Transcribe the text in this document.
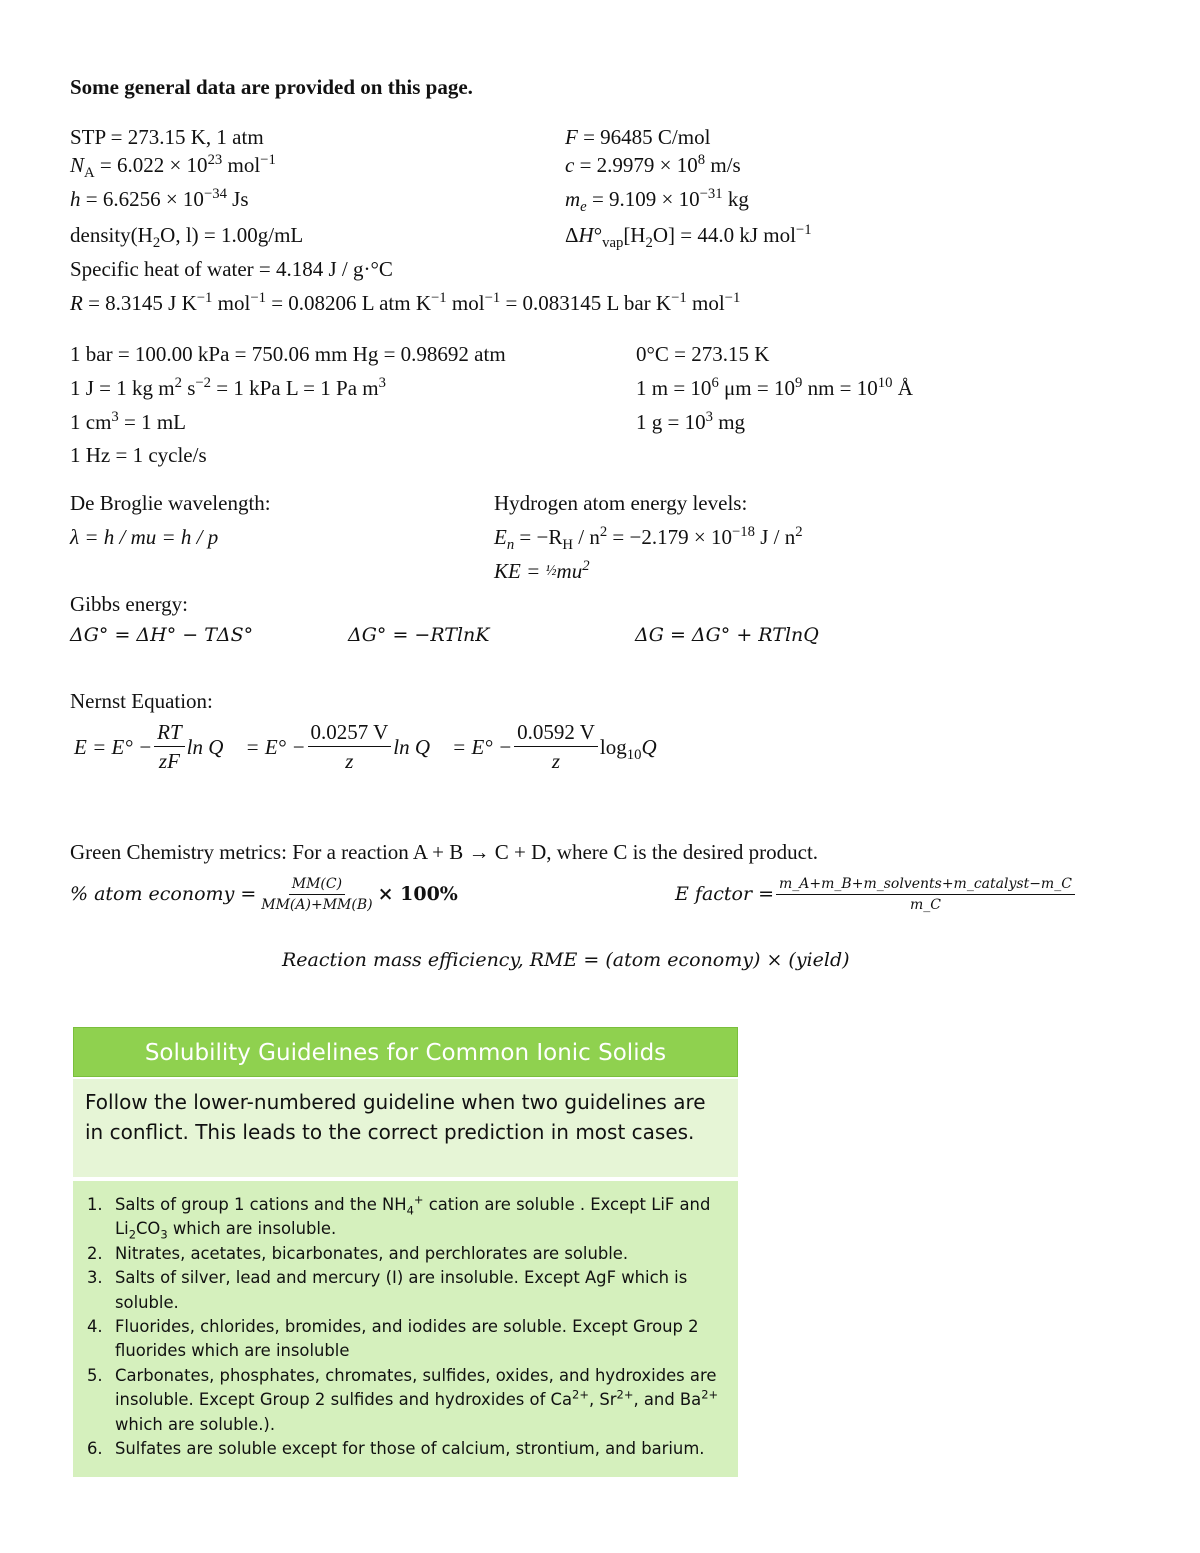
Some general data are provided on this page.
STP = 273.15 K, 1 atm	F = 96485 C/mol
$N_A = 6.022 \times 10^{23}$ mol$^{-1}$	$c = 2.9979 \times 10^8$ m/s
$h = 6.6256 \times 10^{-34}$ Js	$m_e = 9.109 \times 10^{-31}$ kg
$density(H_2O$, l) = 1.00g/mL	$\Delta H^\circ_{vap}[H_2O] = 44.0$ kJ mol$^{-1}$
Specific heat of water = 4.184 J / g·°C
R = 8.3145 J $K^{-1}$ mol$^{-1}$ = 0.08206 L atm $K^{-1}$ mol$^{-1}$ = 0.083145 L bar $K^{-1}$ mol$^{-1}$
1 bar = 100.00 kPa = 750.06 mm Hg = 0.98692 atm	0°C = 273.15 K
1 J = 1 kg $m^2$ $s^{-2} = 1$ kPa L = 1 Pa $m^3$	1 $m = 10^6$ $\mu m = 10^9$ nm = $10^{10}$ Å
1 $cm^3 = 1$ mL	1 $g = 10^3$ mg
1 Hz = 1 cycle/s
De Broglie wavelength:
λ = h / mu = h / p
Hydrogen atom energy levels:
$E_n = -R_H / n^2 = -2.179 \times 10^{-18}$ J / $n^2$
KE = $\frac{1}{2}mu^2$
Gibbs energy:
ΔG° = ΔH° − TΔS°	ΔG° = −RTlnK	ΔG = ΔG° + RTlnQ
Nernst Equation:
$E = E^\circ - \frac{RT}{zF}$ $\ln Q = E^\circ - \frac{0.0257 V}{z}$ $\ln Q = E^\circ - \frac{0.0592 V}{z} \log_{10}Q$
Green Chemistry metrics: For a reaction A + B → C + D, where C is the desired product.
% atom economy = $\frac{MM(C)}{MM(A)+MM(B)} \times 100\%$	E factor = $\frac{\text{m\_A+m\_B+m\_solvents+m\_catalyst−m\_C}}{m\_C}$
Reaction mass efficiency, RME = (atom economy) × (yield)
Solubility Guidelines for Common Ionic Solids
Follow the lower-numbered guideline when two guidelines are in conflict. This leads to the correct prediction in most cases.
1. Salts of group 1 cations and the $NH_4^+$ cation are soluble . Except LiF and $Li_2CO_3$ which are insoluble.
2. Nitrates, acetates, bicarbonates, and perchlorates are soluble.
3. Salts of silver, lead and mercury (I) are insoluble. Except AgF which is soluble.
4. Fluorides, chlorides, bromides, and iodides are soluble. Except Group 2 fluorides which are insoluble
5. Carbonates, phosphates, chromates, sulfides, oxides, and hydroxides are insoluble. Except Group 2 sulfides and hydroxides of $Ca^{2+}$, $Sr^{2+}$, and $Ba^{2+}$ which are soluble.).
6. Sulfates are soluble except for those of calcium, strontium, and barium.
